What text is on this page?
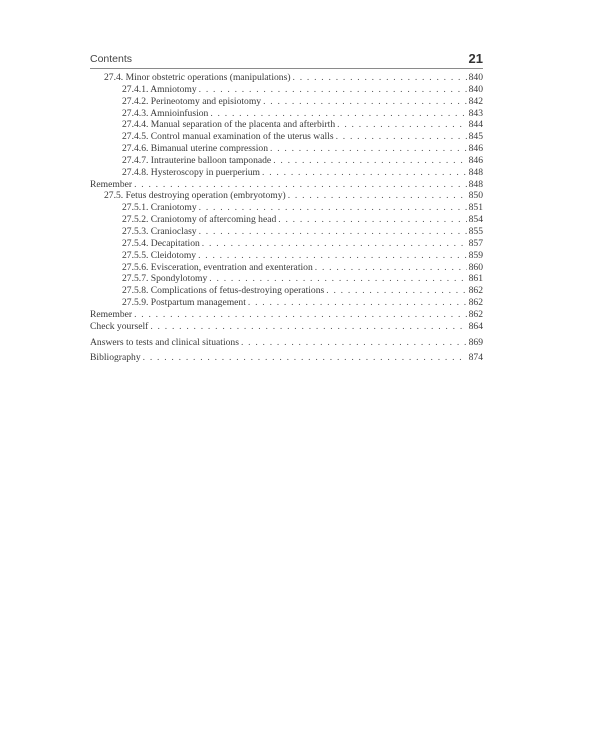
Contents	21
27.4. Minor obstetric operations (manipulations) . . .	840
27.4.1. Amniotomy . . .	840
27.4.2. Perineotomy and episiotomy . . .	842
27.4.3. Amnioinfusion . . .	843
27.4.4. Manual separation of the placenta and afterbirth . . .	844
27.4.5. Control manual examination of the uterus walls . . .	845
27.4.6. Bimanual uterine compression . . .	846
27.4.7. Intrauterine balloon tamponade . . .	846
27.4.8. Hysteroscopy in puerperium . . .	848
Remember . . .	848
27.5. Fetus destroying operation (embryotomy) . . .	850
27.5.1. Craniotomy . . .	851
27.5.2. Craniotomy of aftercoming head . . .	854
27.5.3. Cranioclasy . . .	855
27.5.4. Decapitation . . .	857
27.5.5. Cleidotomy . . .	859
27.5.6. Evisceration, eventration and exenteration . . .	860
27.5.7. Spondylotomy . . .	861
27.5.8. Complications of fetus-destroying operations . . .	862
27.5.9. Postpartum management . . .	862
Remember . . .	862
Check yourself . . .	864
Answers to tests and clinical situations . . .	869
Bibliography . . .	874
